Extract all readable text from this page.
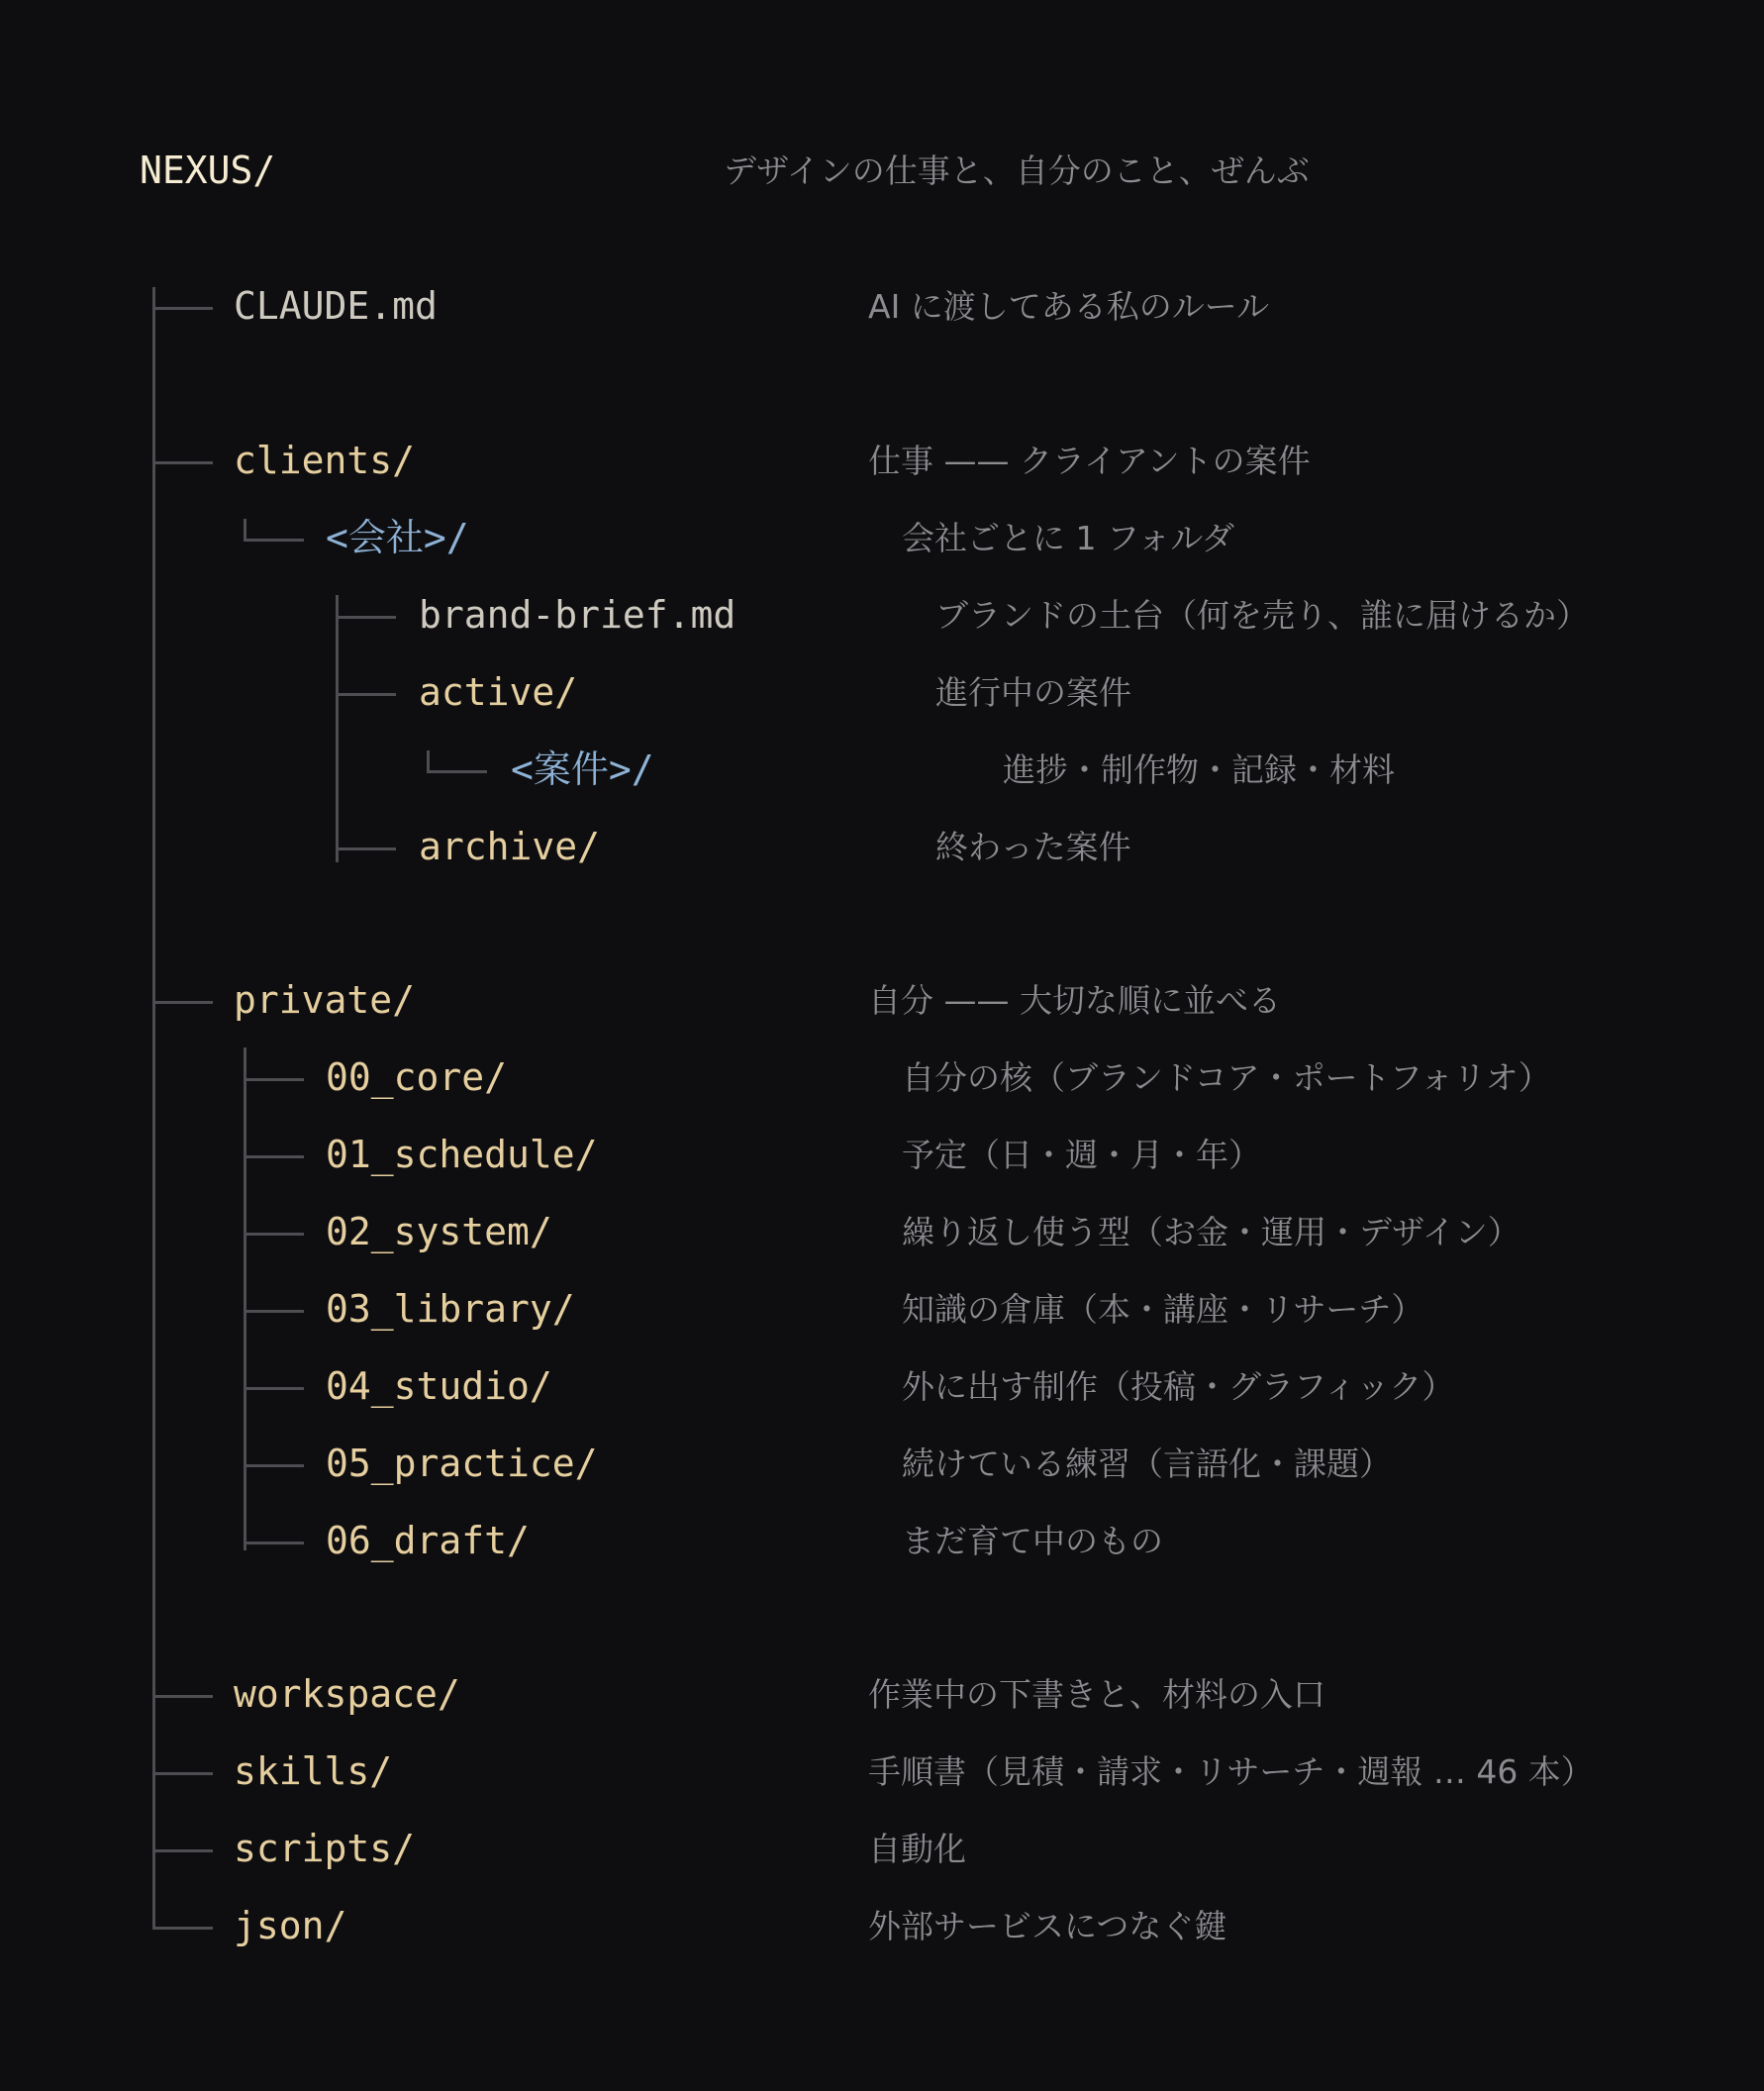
NEXUS/	デザインの仕事と、自分のこと、ぜんぶ
CLAUDE.md	AI に渡してある私のルール
clients/	仕事 —— クライアントの案件
<会社>/	会社ごとに 1 フォルダ
brand-brief.md	ブランドの土台（何を売り、誰に届けるか）
active/	進行中の案件
<案件>/	進捗・制作物・記録・材料
archive/	終わった案件
private/	自分 —— 大切な順に並べる
00_core/	自分の核（ブランドコア・ポートフォリオ）
01_schedule/	予定（日・週・月・年）
02_system/	繰り返し使う型（お金・運用・デザイン）
03_library/	知識の倉庫（本・講座・リサーチ）
04_studio/	外に出す制作（投稿・グラフィック）
05_practice/	続けている練習（言語化・課題）
06_draft/	まだ育て中のもの
workspace/	作業中の下書きと、材料の入口
skills/	手順書（見積・請求・リサーチ・週報 … 46 本）
scripts/	自動化
json/	外部サービスにつなぐ鍵
